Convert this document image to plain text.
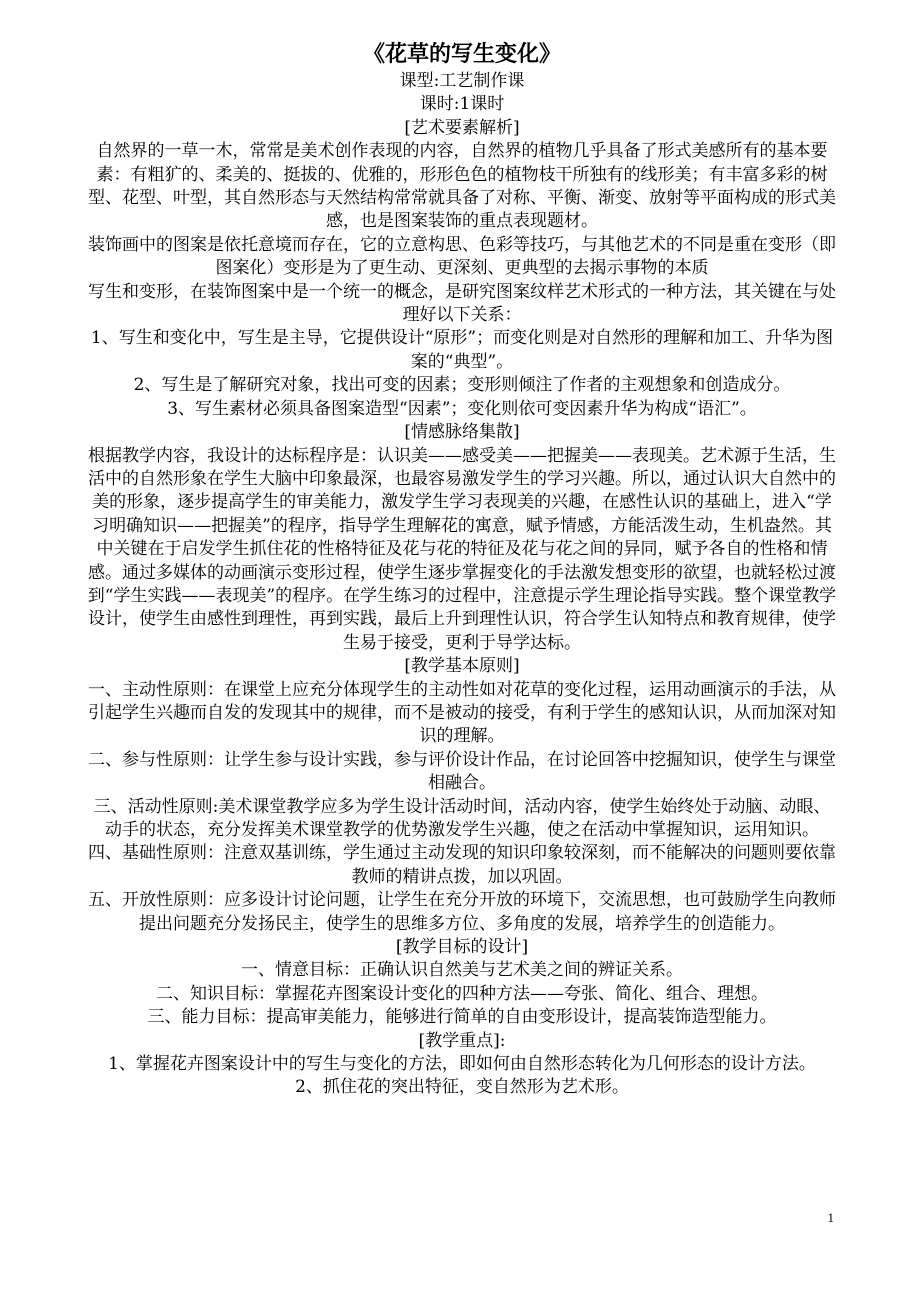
《花草的写生变化》

课型:工艺制作课

课时:1课时

[艺术要素解析]

自然界的一草一木，常常是美术创作表现的内容，自然界的植物几乎具备了形式美感所有的基本要素：有粗犷的、柔美的、挺拔的、优雅的，形形色色的植物枝干所独有的线形美；有丰富多彩的树型、花型、叶型，其自然形态与天然结构常常就具备了对称、平衡、渐变、放射等平面构成的形式美感，也是图案装饰的重点表现题材。

装饰画中的图案是依托意境而存在，它的立意构思、色彩等技巧，与其他艺术的不同是重在变形（即图案化）变形是为了更生动、更深刻、更典型的去揭示事物的本质

写生和变形，在装饰图案中是一个统一的概念，是研究图案纹样艺术形式的一种方法，其关键在与处理好以下关系：

1、写生和变化中，写生是主导，它提供设计“原形”；而变化则是对自然形的理解和加工、升华为图案的“典型”。

2、写生是了解研究对象，找出可变的因素；变形则倾注了作者的主观想象和创造成分。

3、写生素材必须具备图案造型“因素”；变化则依可变因素升华为构成“语汇”。

[情感脉络集散]

根据教学内容，我设计的达标程序是：认识美——感受美——把握美——表现美。艺术源于生活，生活中的自然形象在学生大脑中印象最深，也最容易激发学生的学习兴趣。所以，通过认识大自然中的美的形象，逐步提高学生的审美能力，激发学生学习表现美的兴趣，在感性认识的基础上，进入“学习明确知识——把握美”的程序，指导学生理解花的寓意，赋予情感，方能活泼生动，生机盎然。其中关键在于启发学生抓住花的性格特征及花与花的特征及花与花之间的异同，赋予各自的性格和情感。通过多媒体的动画演示变形过程，使学生逐步掌握变化的手法激发想变形的欲望，也就轻松过渡到“学生实践——表现美”的程序。在学生练习的过程中，注意提示学生理论指导实践。整个课堂教学设计，使学生由感性到理性，再到实践，最后上升到理性认识，符合学生认知特点和教育规律，使学生易于接受，更利于导学达标。

[教学基本原则]

一、主动性原则：在课堂上应充分体现学生的主动性如对花草的变化过程，运用动画演示的手法，从引起学生兴趣而自发的发现其中的规律，而不是被动的接受，有利于学生的感知认识，从而加深对知识的理解。

二、参与性原则：让学生参与设计实践，参与评价设计作品，在讨论回答中挖掘知识，使学生与课堂相融合。

三、活动性原则:美术课堂教学应多为学生设计活动时间，活动内容，使学生始终处于动脑、动眼、动手的状态，充分发挥美术课堂教学的优势激发学生兴趣，使之在活动中掌握知识，运用知识。

四、基础性原则：注意双基训练，学生通过主动发现的知识印象较深刻，而不能解决的问题则要依靠教师的精讲点拨，加以巩固。

五、开放性原则：应多设计讨论问题，让学生在充分开放的环境下，交流思想，也可鼓励学生向教师提出问题充分发扬民主，使学生的思维多方位、多角度的发展，培养学生的创造能力。

[教学目标的设计]

一、情意目标：正确认识自然美与艺术美之间的辨证关系。

二、知识目标：掌握花卉图案设计变化的四种方法——夸张、简化、组合、理想。

三、能力目标：提高审美能力，能够进行简单的自由变形设计，提高装饰造型能力。

[教学重点]:

1、掌握花卉图案设计中的写生与变化的方法，即如何由自然形态转化为几何形态的设计方法。

2、抓住花的突出特征，变自然形为艺术形。

1
